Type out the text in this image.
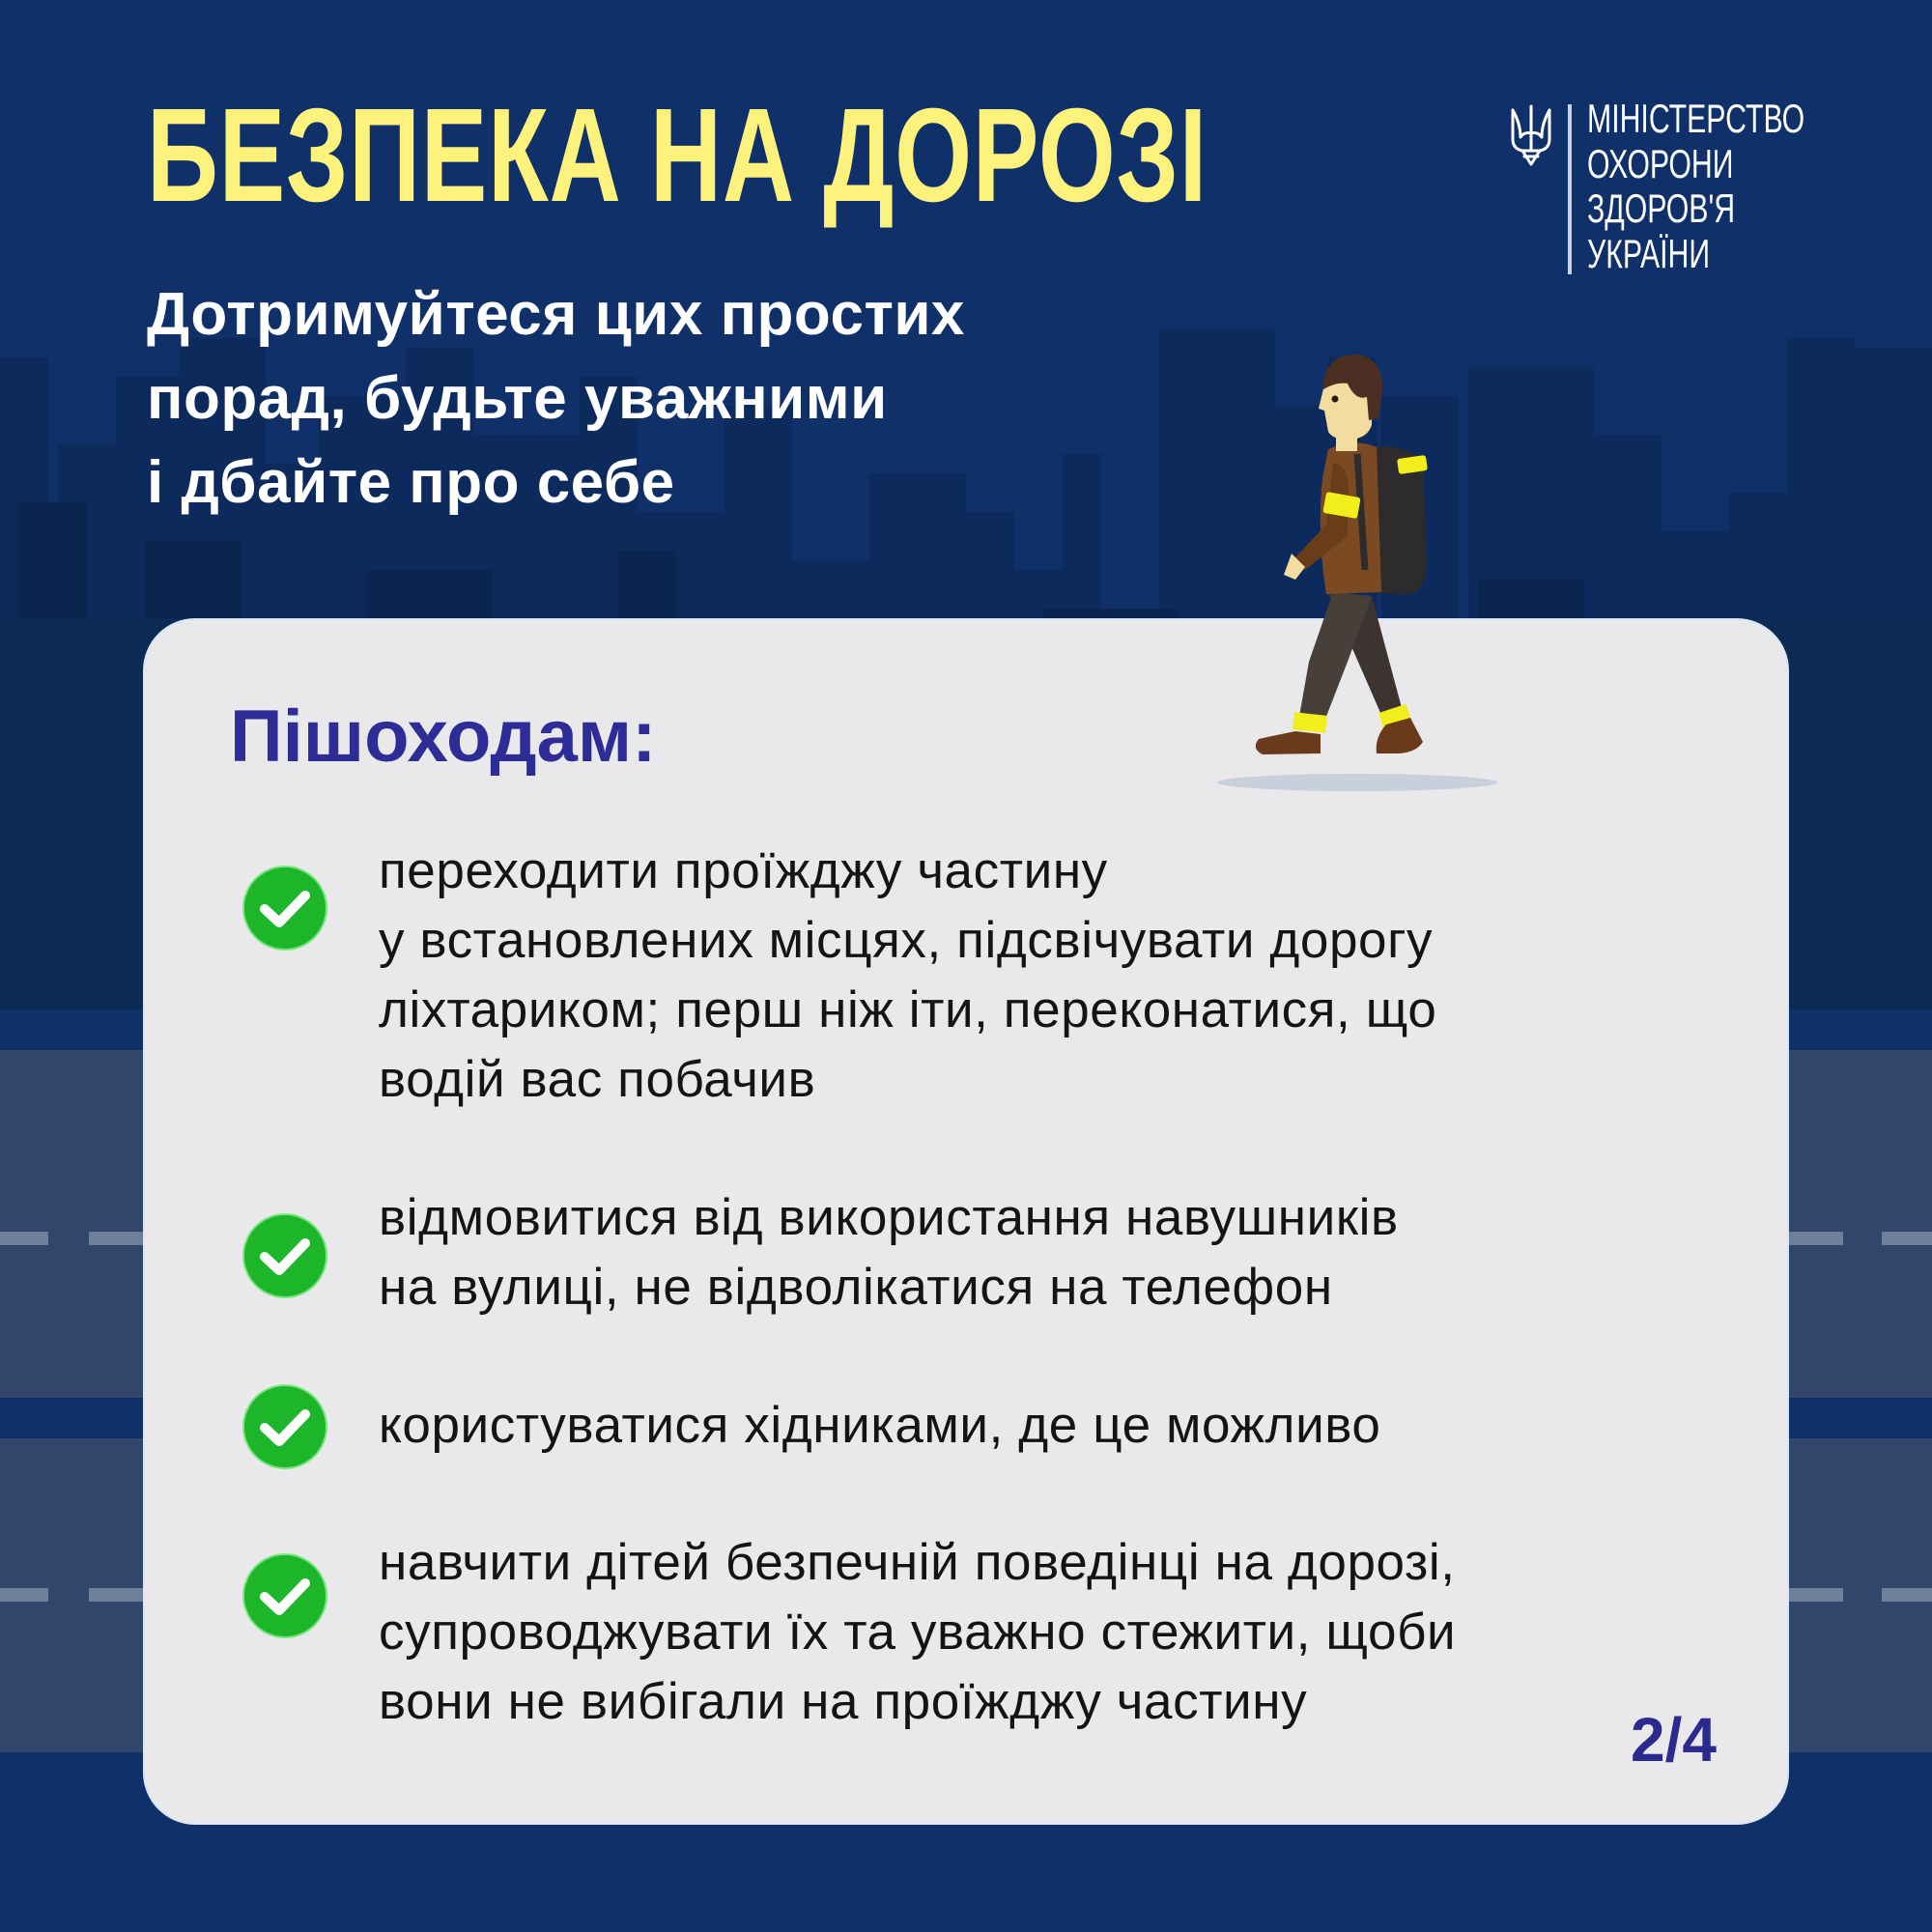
БЕЗПЕКА НА ДОРОЗІ
Дотримуйтеся цих простих
порад, будьте уважними
і дбайте про себе
МІНІСТЕРСТВО
ОХОРОНИ
ЗДОРОВ'Я
УКРАЇНИ
Пішоходам:
переходити проїжджу частину
у встановлених місцях, підсвічувати дорогу
ліхтариком; перш ніж іти, переконатися, що
водій вас побачив
відмовитися від використання навушників
на вулиці, не відволікатися на телефон
користуватися хідниками, де це можливо
навчити дітей безпечній поведінці на дорозі,
супроводжувати їх та уважно стежити, щоби
вони не вибігали на проїжджу частину
2/4
